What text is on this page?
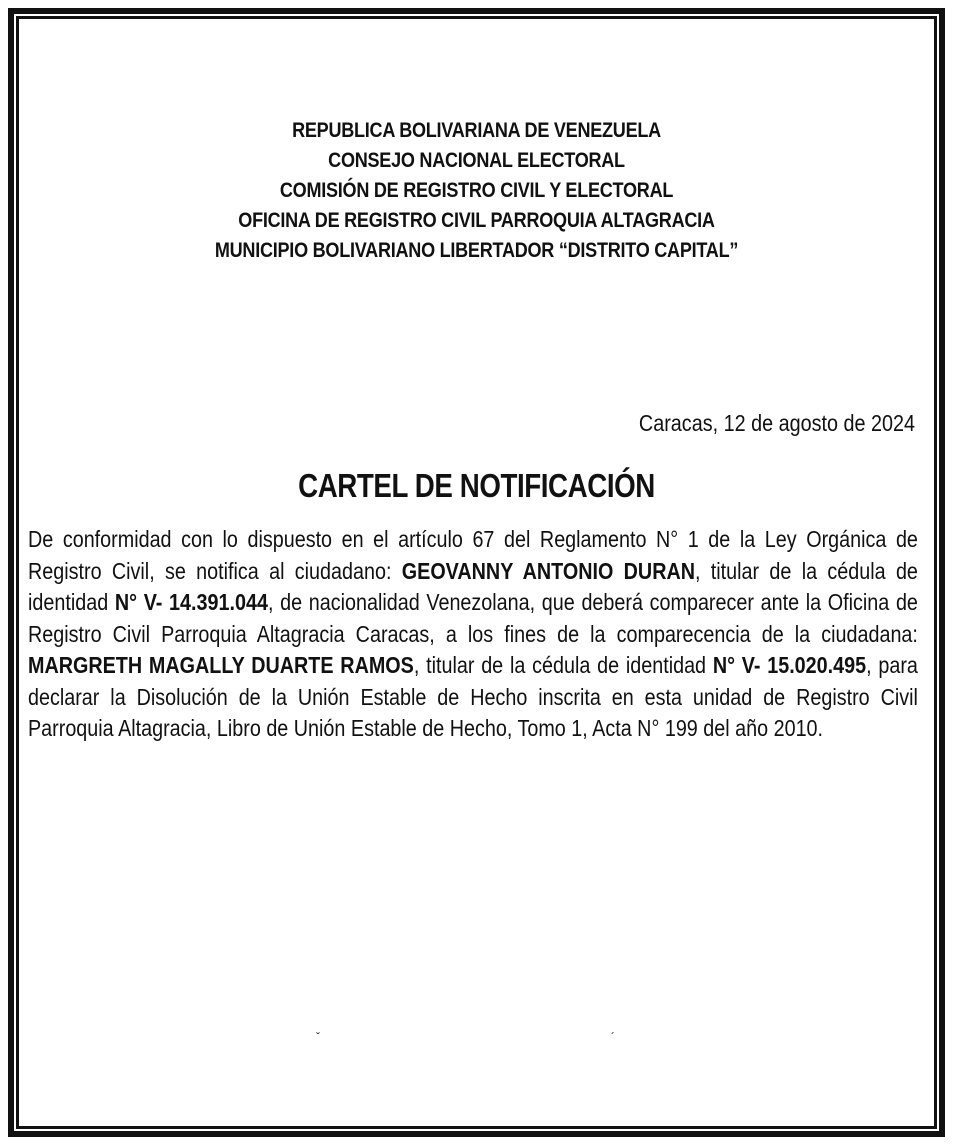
REPUBLICA BOLIVARIANA DE VENEZUELA
CONSEJO NACIONAL ELECTORAL
COMISIÓN DE REGISTRO CIVIL Y ELECTORAL
OFICINA DE REGISTRO CIVIL PARROQUIA ALTAGRACIA
MUNICIPIO BOLIVARIANO LIBERTADOR “DISTRITO CAPITAL”
Caracas, 12 de agosto de 2024
CARTEL DE NOTIFICACIÓN

De conformidad con lo dispuesto en el artículo 67 del Reglamento N° 1 de la Ley Orgánica de Registro Civil, se notifica al ciudadano: GEOVANNY ANTONIO DURAN, titular de la cédula de identidad N° V- 14.391.044, de nacionalidad Venezolana, que deberá comparecer ante la Oficina de Registro Civil Parroquia Altagracia Caracas, a los fines de la comparecencia de la ciudadana: MARGRETH MAGALLY DUARTE RAMOS, titular de la cédula de identidad N° V- 15.020.495, para declarar la Disolución de la Unión Estable de Hecho inscrita en esta unidad de Registro Civil Parroquia Altagracia, Libro de Unión Estable de Hecho, Tomo 1, Acta N° 199 del año 2010.

ˇ	´
